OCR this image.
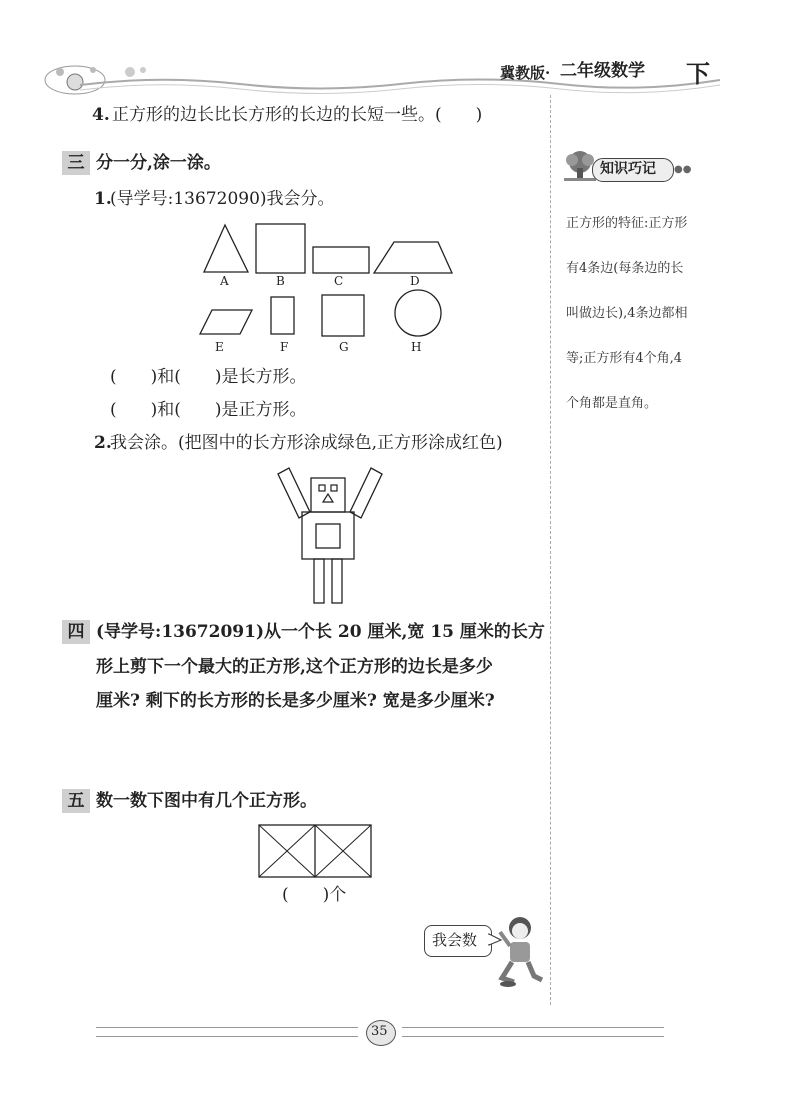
冀教版· 二年级数学 下
4. 正方形的边长比长方形的长边的长短一些。(　　)
三 分一分,涂一涂。
1.
(导学号:13672090)我会分。
A	B	C	D
E	F	G	H
(　　)和(　　)是长方形。
(　　)和(　　)是正方形。
2.
我会涂。(把图中的长方形涂成绿色,正方形涂成红色)
四 (导学号:13672091)从一个长 20 厘米,宽 15 厘米的长方
形上剪下一个最大的正方形,这个正方形的边长是多少
厘米? 剩下的长方形的长是多少厘米? 宽是多少厘米?
五 数一数下图中有几个正方形。
(　　)个
我会数
知识巧记 ●●
正方形的特征:正方形
有4条边(每条边的长
叫做边长),4条边都相
等;正方形有4个角,4
个角都是直角。
35
